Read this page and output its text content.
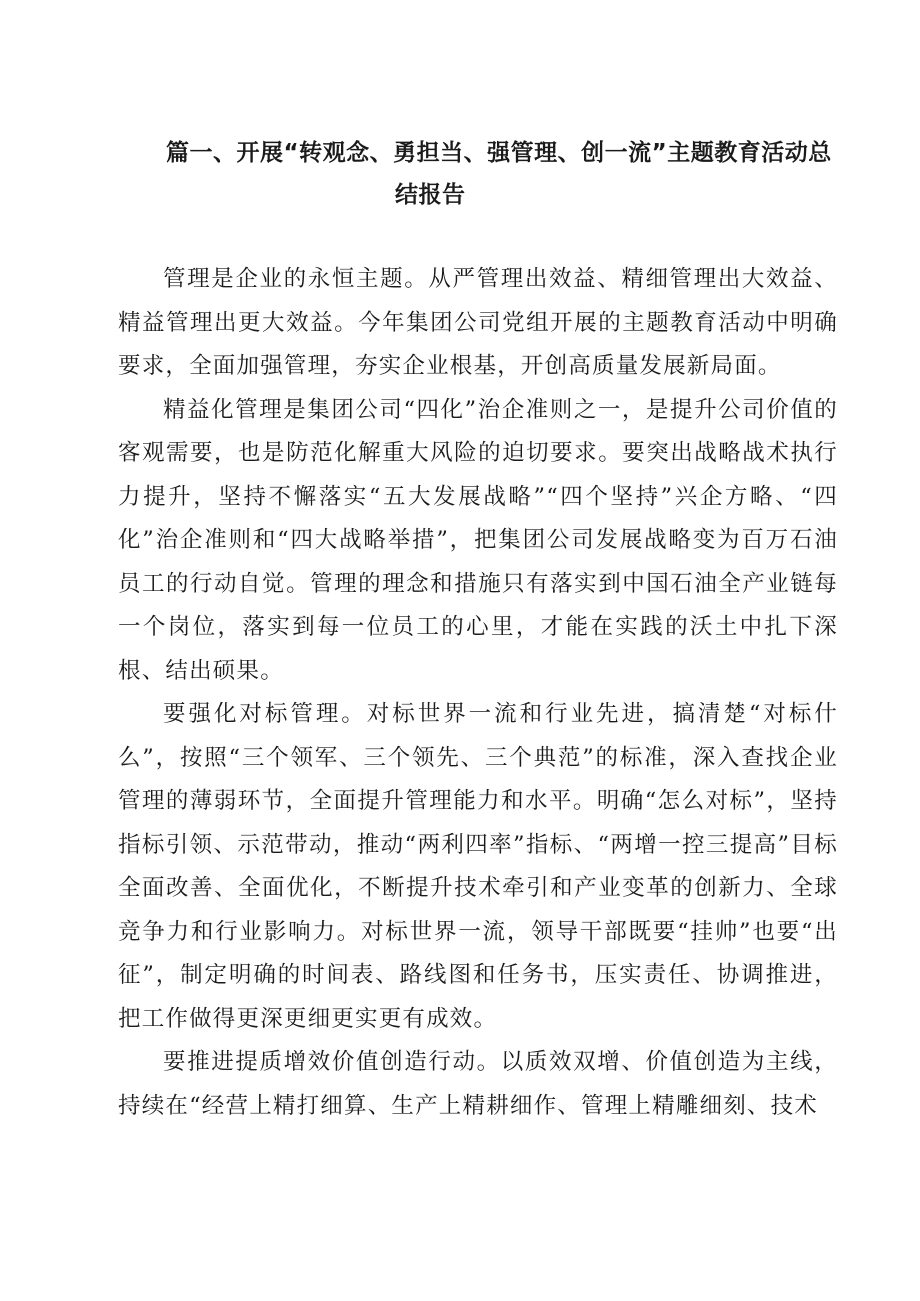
篇一、开展“转观念、勇担当、强管理、创一流”主题教育活动总
结报告

管理是企业的永恒主题。从严管理出效益、精细管理出大效益、精益管理出更大效益。今年集团公司党组开展的主题教育活动中明确要求，全面加强管理，夯实企业根基，开创高质量发展新局面。

精益化管理是集团公司“四化”治企准则之一，是提升公司价值的客观需要，也是防范化解重大风险的迫切要求。要突出战略战术执行力提升，坚持不懈落实“五大发展战略”“四个坚持”兴企方略、“四化”治企准则和“四大战略举措”，把集团公司发展战略变为百万石油员工的行动自觉。管理的理念和措施只有落实到中国石油全产业链每一个岗位，落实到每一位员工的心里，才能在实践的沃土中扎下深根、结出硕果。

要强化对标管理。对标世界一流和行业先进，搞清楚“对标什么”，按照“三个领军、三个领先、三个典范”的标准，深入查找企业管理的薄弱环节，全面提升管理能力和水平。明确“怎么对标”，坚持指标引领、示范带动，推动“两利四率”指标、“两增一控三提高”目标全面改善、全面优化，不断提升技术牵引和产业变革的创新力、全球竞争力和行业影响力。对标世界一流，领导干部既要“挂帅”也要“出征”，制定明确的时间表、路线图和任务书，压实责任、协调推进，把工作做得更深更细更实更有成效。

要推进提质增效价值创造行动。以质效双增、价值创造为主线，持续在“经营上精打细算、生产上精耕细作、管理上精雕细刻、技术
